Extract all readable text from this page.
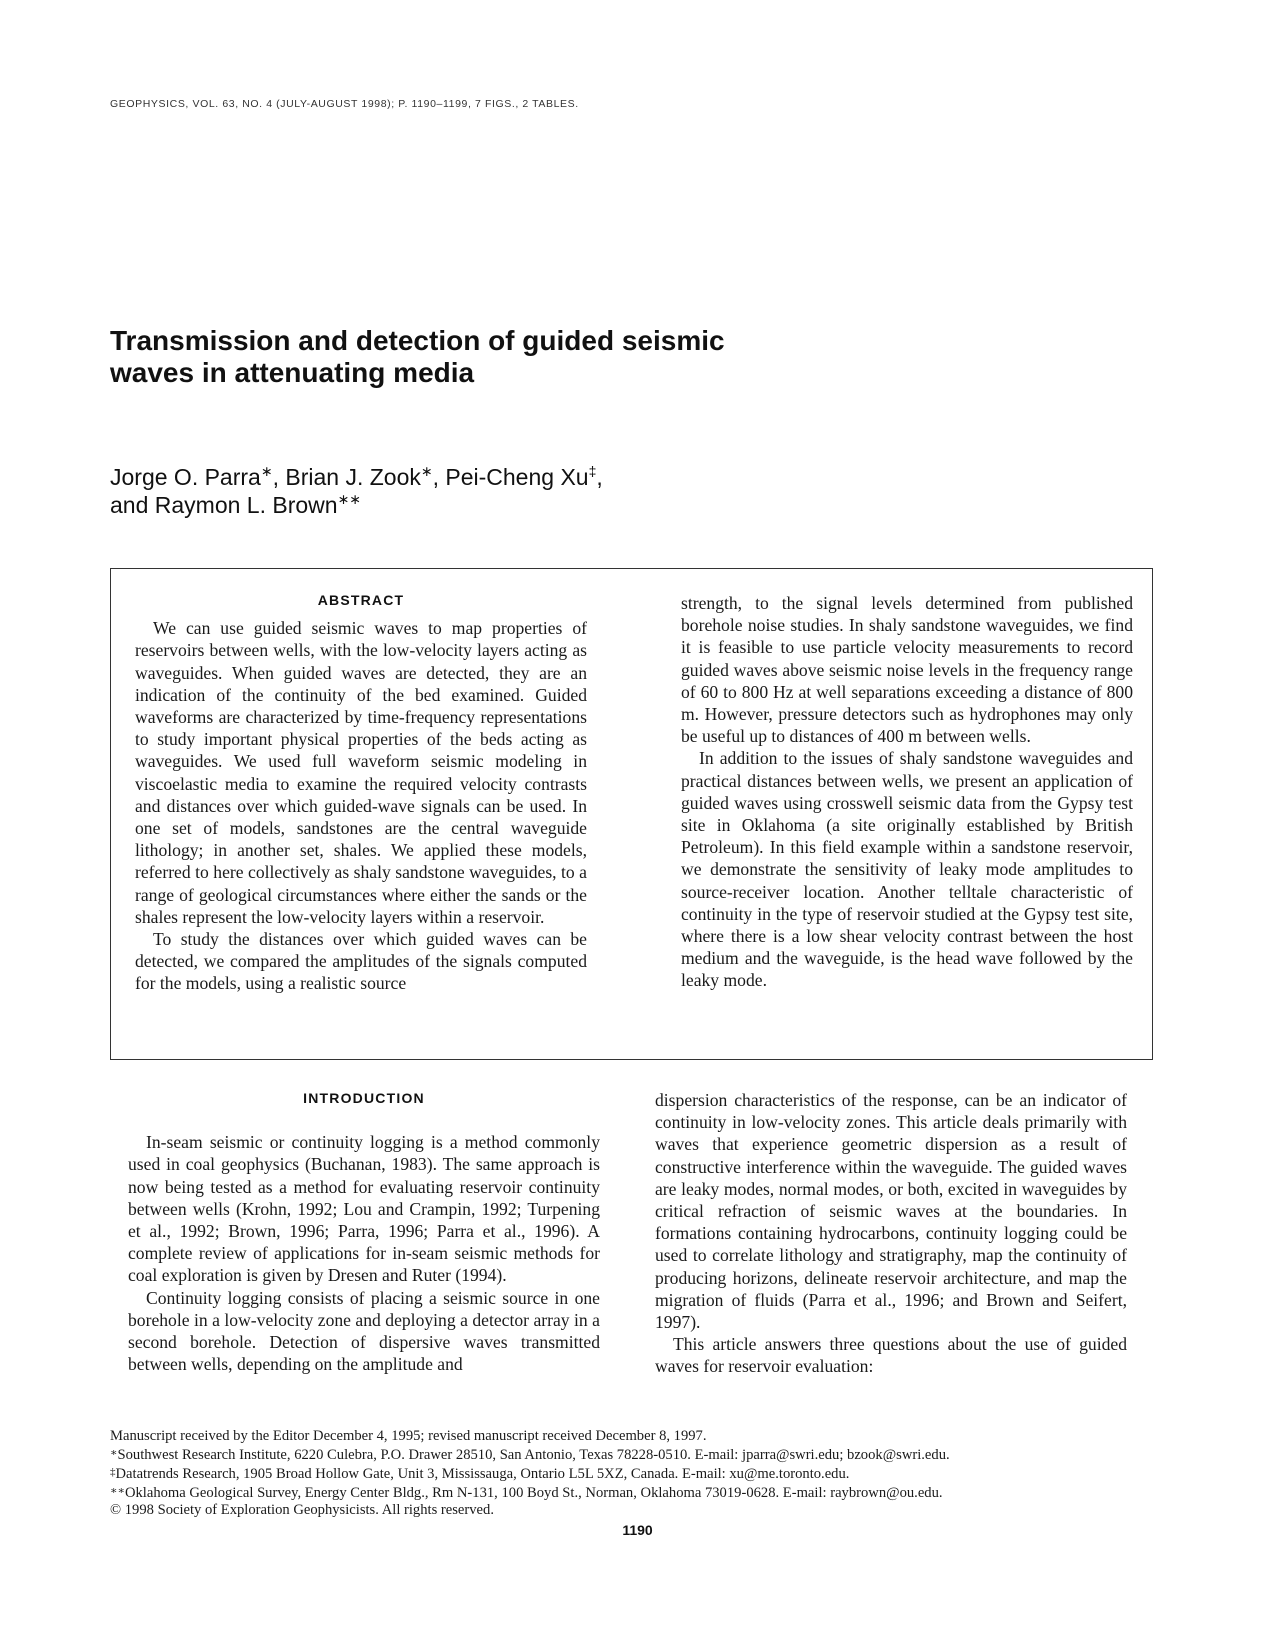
GEOPHYSICS, VOL. 63, NO. 4 (JULY-AUGUST 1998); P. 1190–1199, 7 FIGS., 2 TABLES.
Transmission and detection of guided seismic waves in attenuating media
Jorge O. Parra∗, Brian J. Zook∗, Pei-Cheng Xu‡,
and Raymon L. Brown∗∗
ABSTRACT

We can use guided seismic waves to map properties of reservoirs between wells, with the low-velocity layers acting as waveguides. When guided waves are detected, they are an indication of the continuity of the bed examined. Guided waveforms are characterized by time-frequency representations to study important physical properties of the beds acting as waveguides. We used full waveform seismic modeling in viscoelastic media to examine the required velocity contrasts and distances over which guided-wave signals can be used. In one set of models, sandstones are the central waveguide lithology; in another set, shales. We applied these models, referred to here collectively as shaly sandstone waveguides, to a range of geological circumstances where either the sands or the shales represent the low-velocity layers within a reservoir.

To study the distances over which guided waves can be detected, we compared the amplitudes of the signals computed for the models, using a realistic source

strength, to the signal levels determined from published borehole noise studies. In shaly sandstone waveguides, we find it is feasible to use particle velocity measurements to record guided waves above seismic noise levels in the frequency range of 60 to 800 Hz at well separations exceeding a distance of 800 m. However, pressure detectors such as hydrophones may only be useful up to distances of 400 m between wells.

In addition to the issues of shaly sandstone waveguides and practical distances between wells, we present an application of guided waves using crosswell seismic data from the Gypsy test site in Oklahoma (a site originally established by British Petroleum). In this field example within a sandstone reservoir, we demonstrate the sensitivity of leaky mode amplitudes to source-receiver location. Another telltale characteristic of continuity in the type of reservoir studied at the Gypsy test site, where there is a low shear velocity contrast between the host medium and the waveguide, is the head wave followed by the leaky mode.

INTRODUCTION

In-seam seismic or continuity logging is a method commonly used in coal geophysics (Buchanan, 1983). The same approach is now being tested as a method for evaluating reservoir continuity between wells (Krohn, 1992; Lou and Crampin, 1992; Turpening et al., 1992; Brown, 1996; Parra, 1996; Parra et al., 1996). A complete review of applications for in-seam seismic methods for coal exploration is given by Dresen and Ruter (1994).

Continuity logging consists of placing a seismic source in one borehole in a low-velocity zone and deploying a detector array in a second borehole. Detection of dispersive waves transmitted between wells, depending on the amplitude and

dispersion characteristics of the response, can be an indicator of continuity in low-velocity zones. This article deals primarily with waves that experience geometric dispersion as a result of constructive interference within the waveguide. The guided waves are leaky modes, normal modes, or both, excited in waveguides by critical refraction of seismic waves at the boundaries. In formations containing hydrocarbons, continuity logging could be used to correlate lithology and stratigraphy, map the continuity of producing horizons, delineate reservoir architecture, and map the migration of fluids (Parra et al., 1996; and Brown and Seifert, 1997).

This article answers three questions about the use of guided waves for reservoir evaluation:

Manuscript received by the Editor December 4, 1995; revised manuscript received December 8, 1997.
∗Southwest Research Institute, 6220 Culebra, P.O. Drawer 28510, San Antonio, Texas 78228-0510. E-mail: jparra@swri.edu; bzook@swri.edu.
‡Datatrends Research, 1905 Broad Hollow Gate, Unit 3, Mississauga, Ontario L5L 5XZ, Canada. E-mail: xu@me.toronto.edu.
∗∗Oklahoma Geological Survey, Energy Center Bldg., Rm N-131, 100 Boyd St., Norman, Oklahoma 73019-0628. E-mail: raybrown@ou.edu.
© 1998 Society of Exploration Geophysicists. All rights reserved.
1190
